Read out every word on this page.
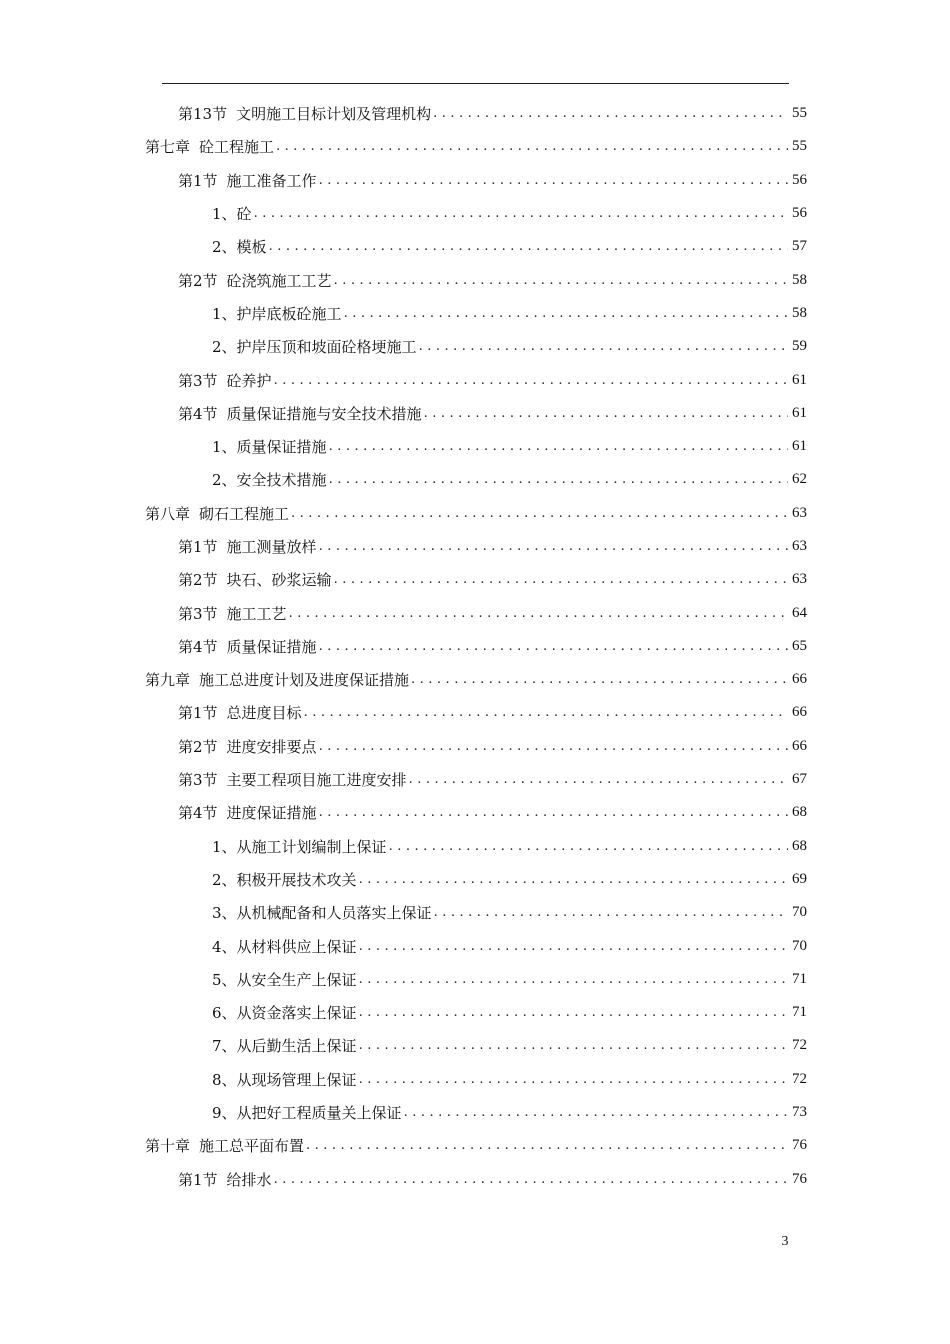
第13节 文明施工目标计划及管理机构 .....	55
第七章 砼工程施工 .....	55
第1节 施工准备工作 .....	56
1、 砼 .....	56
2、 模板 .....	57
第2节 砼浇筑施工工艺 .....	58
1、 护岸底板砼施工 .....	58
2、 护岸压顶和坡面砼格埂施工 .....	59
第3节 砼养护 .....	61
第4节 质量保证措施与安全技术措施 .....	61
1、 质量保证措施 .....	61
2、 安全技术措施 .....	62
第八章 砌石工程施工 .....	63
第1节 施工测量放样 .....	63
第2节 块石、砂浆运输 .....	63
第3节 施工工艺 .....	64
第4节 质量保证措施 .....	65
第九章 施工总进度计划及进度保证措施 .....	66
第1节 总进度目标 .....	66
第2节 进度安排要点 .....	66
第3节 主要工程项目施工进度安排 .....	67
第4节 进度保证措施 .....	68
1、 从施工计划编制上保证 .....	68
2、 积极开展技术攻关 .....	69
3、 从机械配备和人员落实上保证 .....	70
4、 从材料供应上保证 .....	70
5、 从安全生产上保证 .....	71
6、 从资金落实上保证 .....	71
7、 从后勤生活上保证 .....	72
8、 从现场管理上保证 .....	72
9、 从把好工程质量关上保证 .....	73
第十章 施工总平面布置 .....	76
第1节 给排水 .....	76
3
